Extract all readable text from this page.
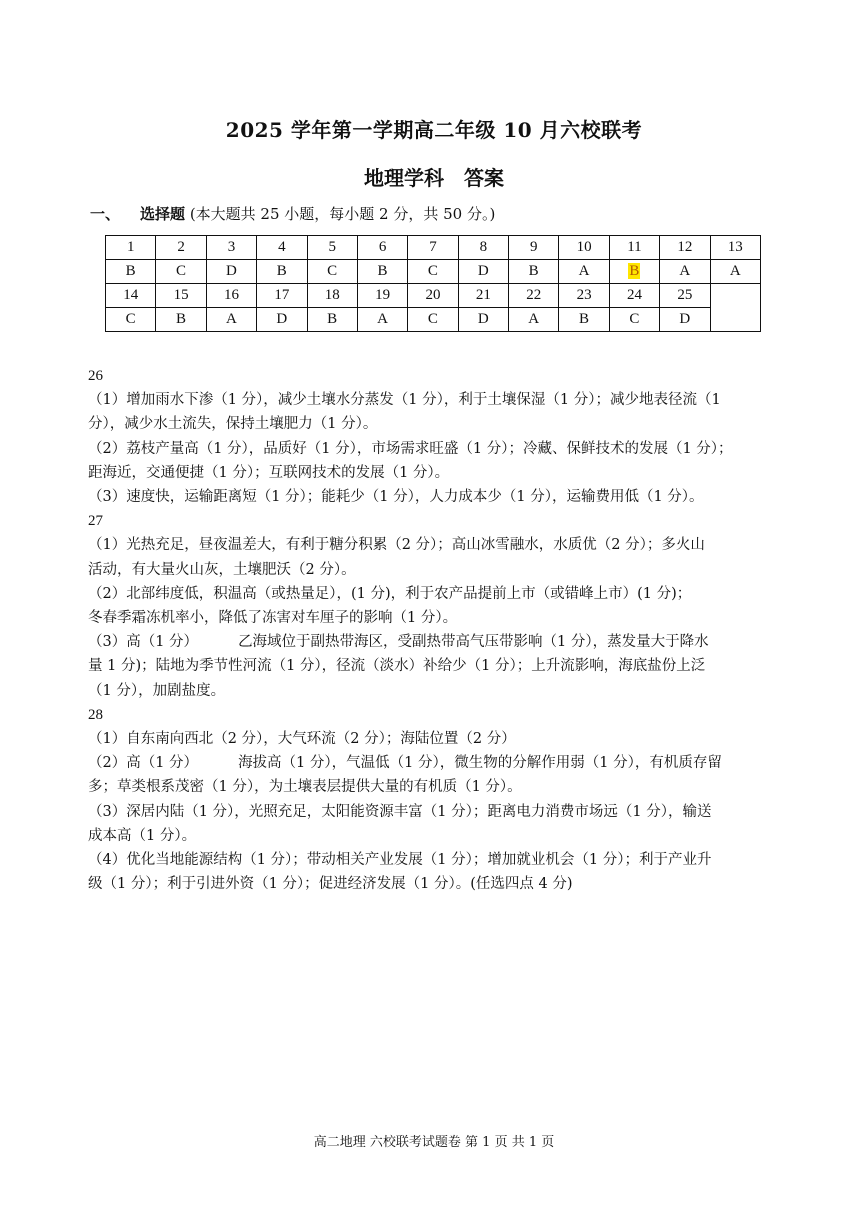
2025 学年第一学期高二年级 10 月六校联考
地理学科　答案
一、 选择题 (本大题共 25 小题，每小题 2 分，共 50 分。)
1	2	3	4	5	6	7	8	9	10	11	12	13
B	C	D	B	C	B	C	D	B	A	B	A	A
14	15	16	17	18	19	20	21	22	23	24	25	
C	B	A	D	B	A	C	D	A	B	C	D	

26

（1）增加雨水下渗（1 分），减少土壤水分蒸发（1 分），利于土壤保湿（1 分）；减少地表径流（1

分），减少水土流失，保持土壤肥力（1 分）。

（2）荔枝产量高（1 分），品质好（1 分），市场需求旺盛（1 分）；冷藏、保鲜技术的发展（1 分）；

距海近，交通便捷（1 分）；互联网技术的发展（1 分）。

（3）速度快，运输距离短（1 分）；能耗少（1 分），人力成本少（1 分），运输费用低（1 分）。

27

（1）光热充足，昼夜温差大，有利于糖分积累（2 分）；高山冰雪融水，水质优（2 分）；多火山

活动，有大量火山灰，土壤肥沃（2 分）。

（2）北部纬度低，积温高（或热量足），(1 分)，利于农产品提前上市（或错峰上市）(1 分)；

冬春季霜冻机率小，降低了冻害对车厘子的影响（1 分）。

（3）高（1 分）	乙海域位于副热带海区，受副热带高气压带影响（1 分），蒸发量大于降水

量 1 分)；陆地为季节性河流（1 分），径流（淡水）补给少（1 分）；上升流影响，海底盐份上泛

（1 分），加剧盐度。

28

（1）自东南向西北（2 分），大气环流（2 分）；海陆位置（2 分）

（2）高（1 分）	海拔高（1 分），气温低（1 分），微生物的分解作用弱（1 分），有机质存留

多；草类根系茂密（1 分），为土壤表层提供大量的有机质（1 分）。

（3）深居内陆（1 分），光照充足，太阳能资源丰富（1 分）；距离电力消费市场远（1 分），输送

成本高（1 分）。

（4）优化当地能源结构（1 分）；带动相关产业发展（1 分）；增加就业机会（1 分）；利于产业升

级（1 分）；利于引进外资（1 分）；促进经济发展（1 分）。(任选四点 4 分)

高二地理 六校联考试题卷 第 1 页 共 1 页
